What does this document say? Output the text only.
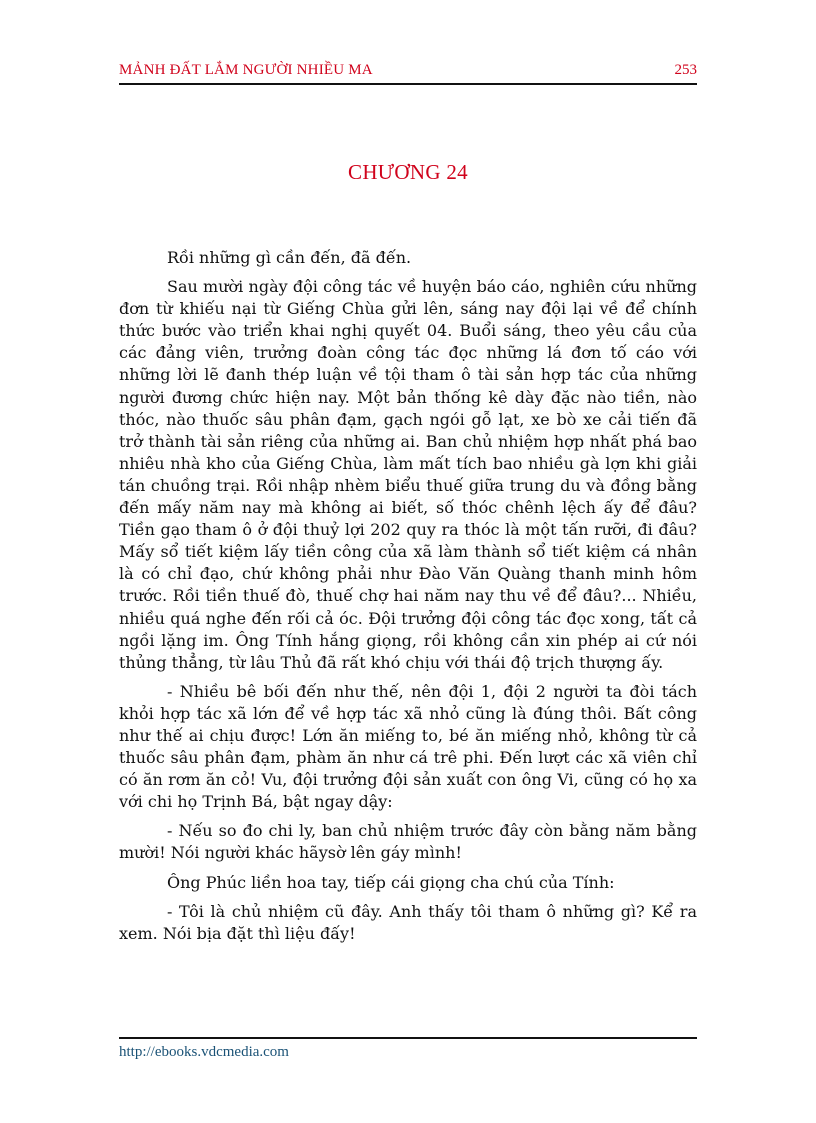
MẢNH ĐẤT LẮM NGƯỜI NHIỀU MA	253
CHƯƠNG 24

Rồi những gì cần đến, đã đến.

Sau mười ngày đội công tác về huyện báo cáo, nghiên cứu những đơn từ khiếu nại từ Giếng Chùa gửi lên, sáng nay đội lại về để chính thức bước vào triển khai nghị quyết 04. Buổi sáng, theo yêu cầu của các đảng viên, trưởng đoàn công tác đọc những lá đơn tố cáo với những lời lẽ đanh thép luận về tội tham ô tài sản hợp tác của những người đương chức hiện nay. Một bản thống kê dày đặc nào tiền, nào thóc, nào thuốc sâu phân đạm, gạch ngói gỗ lạt, xe bò xe cải tiến đã trở thành tài sản riêng của những ai. Ban chủ nhiệm hợp nhất phá bao nhiêu nhà kho của Giếng Chùa, làm mất tích bao nhiều gà lợn khi giải tán chuồng trại. Rồi nhập nhèm biểu thuế giữa trung du và đồng bằng đến mấy năm nay mà không ai biết, số thóc chênh lệch ấy để đâu? Tiền gạo tham ô ở đội thuỷ lợi 202 quy ra thóc là một tấn rưỡi, đi đâu? Mấy sổ tiết kiệm lấy tiền công của xã làm thành sổ tiết kiệm cá nhân là có chỉ đạo, chứ không phải như Đào Văn Quàng thanh minh hôm trước. Rồi tiền thuế đò, thuế chợ hai năm nay thu về để đâu?... Nhiều, nhiều quá nghe đến rối cả óc. Đội trưởng đội công tác đọc xong, tất cả ngồi lặng im. Ông Tính hắng giọng, rồi không cần xin phép ai cứ nói thủng thẳng, từ lâu Thủ đã rất khó chịu với thái độ trịch thượng ấy.

- Nhiều bê bối đến như thế, nên đội 1, đội 2 người ta đòi tách khỏi hợp tác xã lớn để về hợp tác xã nhỏ cũng là đúng thôi. Bất công như thế ai chịu được! Lớn ăn miếng to, bé ăn miếng nhỏ, không từ cả thuốc sâu phân đạm, phàm ăn như cá trê phi. Đến lượt các xã viên chỉ có ăn rơm ăn cỏ! Vu, đội trưởng đội sản xuất con ông Vi, cũng có họ xa với chi họ Trịnh Bá, bật ngay dậy:

- Nếu so đo chi ly, ban chủ nhiệm trước đây còn bằng năm bằng mười! Nói người khác hãysờ lên gáy mình!

Ông Phúc liền hoa tay, tiếp cái giọng cha chú của Tính:

- Tôi là chủ nhiệm cũ đây. Anh thấy tôi tham ô những gì? Kể ra xem. Nói bịa đặt thì liệu đấy!

http://ebooks.vdcmedia.com
